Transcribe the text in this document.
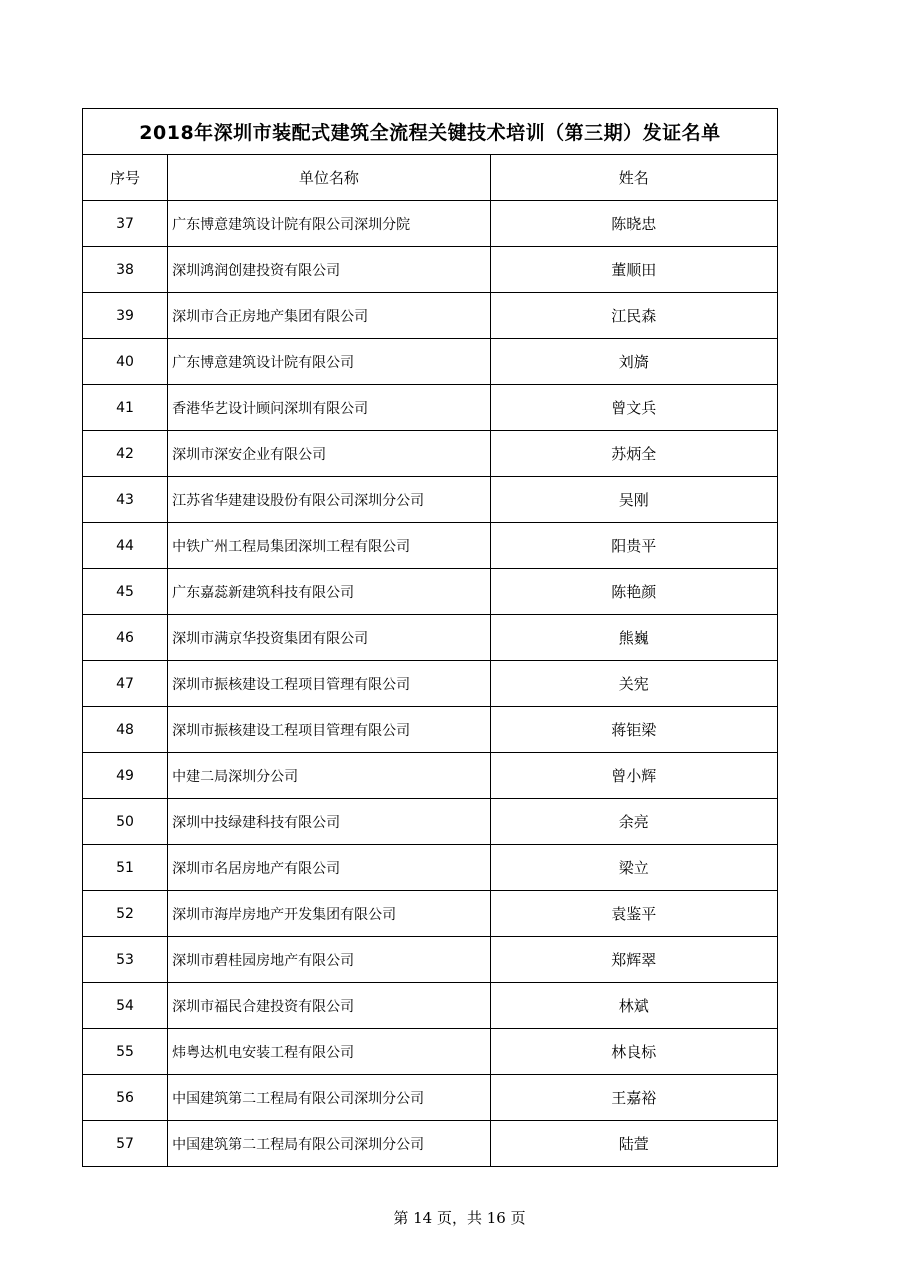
2018年深圳市装配式建筑全流程关键技术培训（第三期）发证名单		
序号	单位名称	姓名
37	广东博意建筑设计院有限公司深圳分院	陈晓忠
38	深圳鸿润创建投资有限公司	董顺田
39	深圳市合正房地产集团有限公司	江民森
40	广东博意建筑设计院有限公司	刘旖
41	香港华艺设计顾问深圳有限公司	曾文兵
42	深圳市深安企业有限公司	苏炳全
43	江苏省华建建设股份有限公司深圳分公司	吴刚
44	中铁广州工程局集团深圳工程有限公司	阳贵平
45	广东嘉蕊新建筑科技有限公司	陈艳颜
46	深圳市满京华投资集团有限公司	熊巍
47	深圳市振核建设工程项目管理有限公司	关宪
48	深圳市振核建设工程项目管理有限公司	蒋钜梁
49	中建二局深圳分公司	曾小辉
50	深圳中技绿建科技有限公司	余亮
51	深圳市名居房地产有限公司	梁立
52	深圳市海岸房地产开发集团有限公司	袁鉴平
53	深圳市碧桂园房地产有限公司	郑辉翠
54	深圳市福民合建投资有限公司	林斌
55	炜粤达机电安装工程有限公司	林良标
56	中国建筑第二工程局有限公司深圳分公司	王嘉裕
57	中国建筑第二工程局有限公司深圳分公司	陆萱
第 14 页，共 16 页
